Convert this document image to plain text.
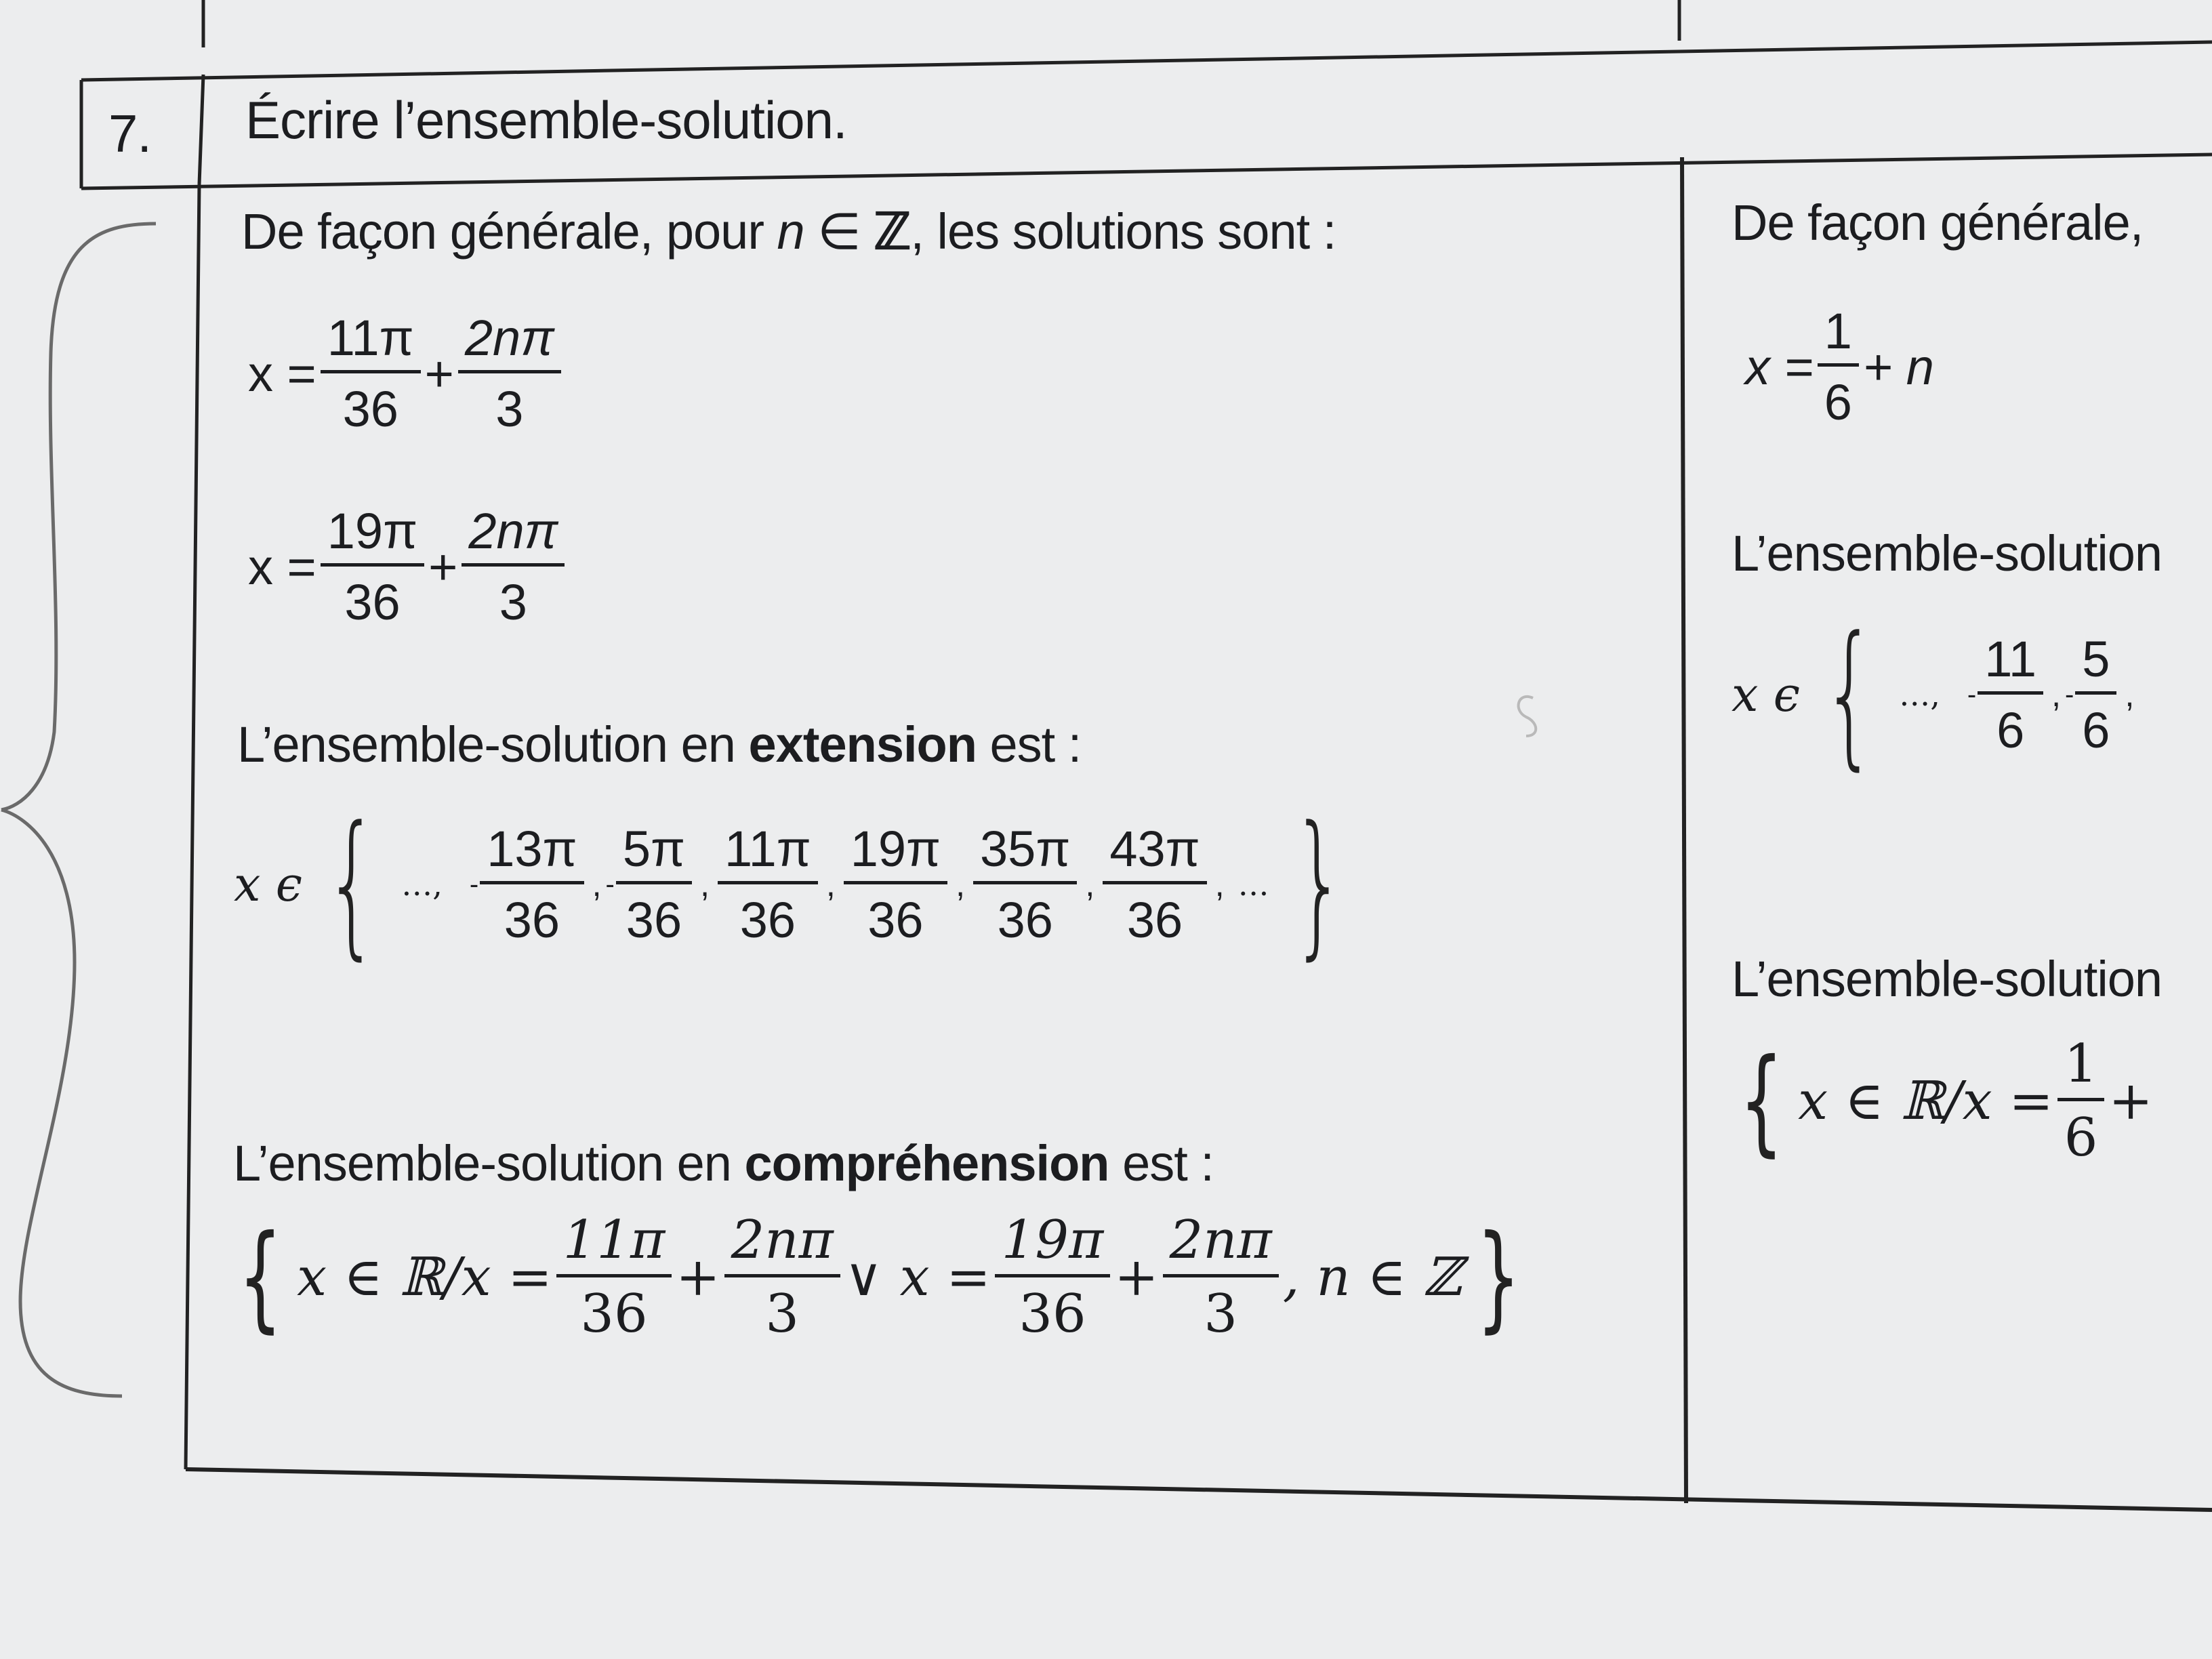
7. Écrire l’ensemble-solution.
De façon générale, pour n ∈ ℤ, les solutions sont :
$x = \frac{11\pi}{36} + \frac{2n\pi}{3}$
$x = \frac{19\pi}{36} + \frac{2n\pi}{3}$
L’ensemble-solution en extension est :
x ϵ { …, - $\frac{13\pi}{36}$ , - $\frac{5\pi}{36}$ , $\frac{11\pi}{36}$ , $\frac{19\pi}{36}$ , $\frac{35\pi}{36}$ , $\frac{43\pi}{36}$ , … }
L’ensemble-solution en compréhension est :
{ x ∈ ℝ/x = $\frac{11\pi}{36} + \frac{2n\pi}{3}$ ∨ $x = \frac{19\pi}{36} + \frac{2n\pi}{3}$ , n ∈ ℤ }
De façon générale,
$x = \frac{1}{6} + n$
L’ensemble-solution
x ϵ { …, - $\frac{11}{6}$ , - $\frac{5}{6}$ ,
L’ensemble-solution
{ x ∈ ℝ/x = $\frac{1}{6}$ +
